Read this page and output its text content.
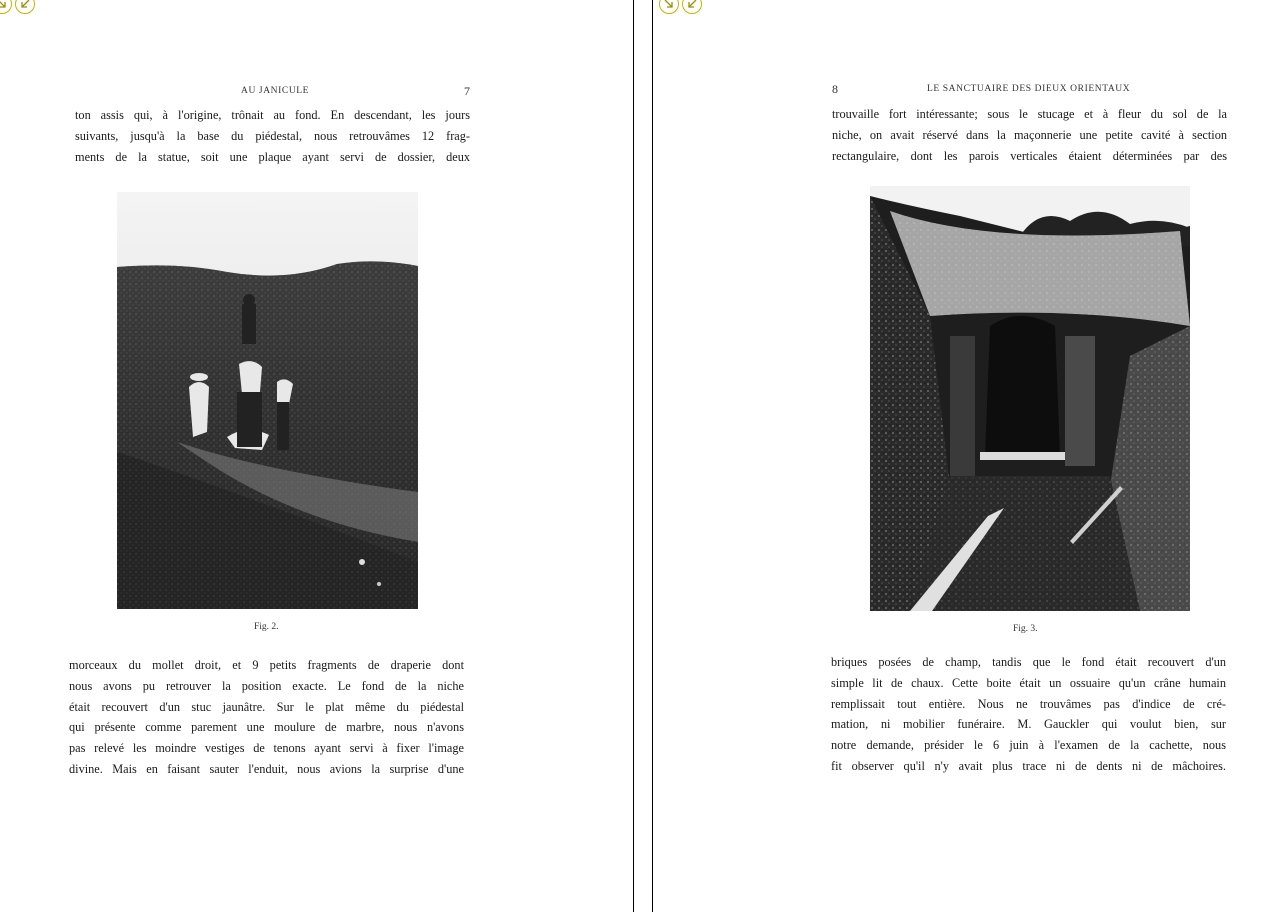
AU JANICULE	7
ton assis qui, à l'origine, trônait au fond. En descendant, les jours
suivants, jusqu'à la base du piédestal, nous retrouvâmes 12 frag-
ments de la statue, soit une plaque ayant servi de dossier, deux
Fig. 2.
morceaux du mollet droit, et 9 petits fragments de draperie dont
nous avons pu retrouver la position exacte. Le fond de la niche
était recouvert d'un stuc jaunâtre. Sur le plat même du piédestal
qui présente comme parement une moulure de marbre, nous n'avons
pas relevé les moindre vestiges de tenons ayant servi à fixer l'image
divine. Mais en faisant sauter l'enduit, nous avions la surprise d'une
8	LE SANCTUAIRE DES DIEUX ORIENTAUX
trouvaille fort intéressante; sous le stucage et à fleur du sol de la
niche, on avait réservé dans la maçonnerie une petite cavité à section
rectangulaire, dont les parois verticales étaient déterminées par des
Fig. 3.
briques posées de champ, tandis que le fond était recouvert d'un
simple lit de chaux. Cette boite était un ossuaire qu'un crâne humain
remplissait tout entière. Nous ne trouvâmes pas d'indice de cré-
mation, ni mobilier funéraire. M. Gauckler qui voulut bien, sur
notre demande, présider le 6 juin à l'examen de la cachette, nous
fit observer qu'il n'y avait plus trace ni de dents ni de mâchoires.
